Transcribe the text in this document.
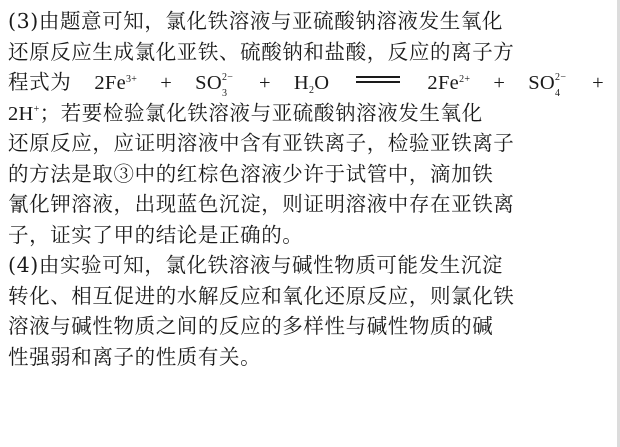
(3)由题意可知，氯化铁溶液与亚硫酸钠溶液发生氧化
还原反应生成氯化亚铁、硫酸钠和盐酸，反应的离子方
程式为 $2Fe^{3+}$ + SO 2−
$3 + H_2O$	$2Fe^{2+}$ + SO 2−
4 +
2H+；若要检验氯化铁溶液与亚硫酸钠溶液发生氧化
还原反应，应证明溶液中含有亚铁离子，检验亚铁离子
的方法是取③中的红棕色溶液少许于试管中，滴加铁
氰化钾溶液，出现蓝色沉淀，则证明溶液中存在亚铁离
子，证实了甲的结论是正确的。
(4)由实验可知，氯化铁溶液与碱性物质可能发生沉淀
转化、相互促进的水解反应和氧化还原反应，则氯化铁
溶液与碱性物质之间的反应的多样性与碱性物质的碱
性强弱和离子的性质有关。
